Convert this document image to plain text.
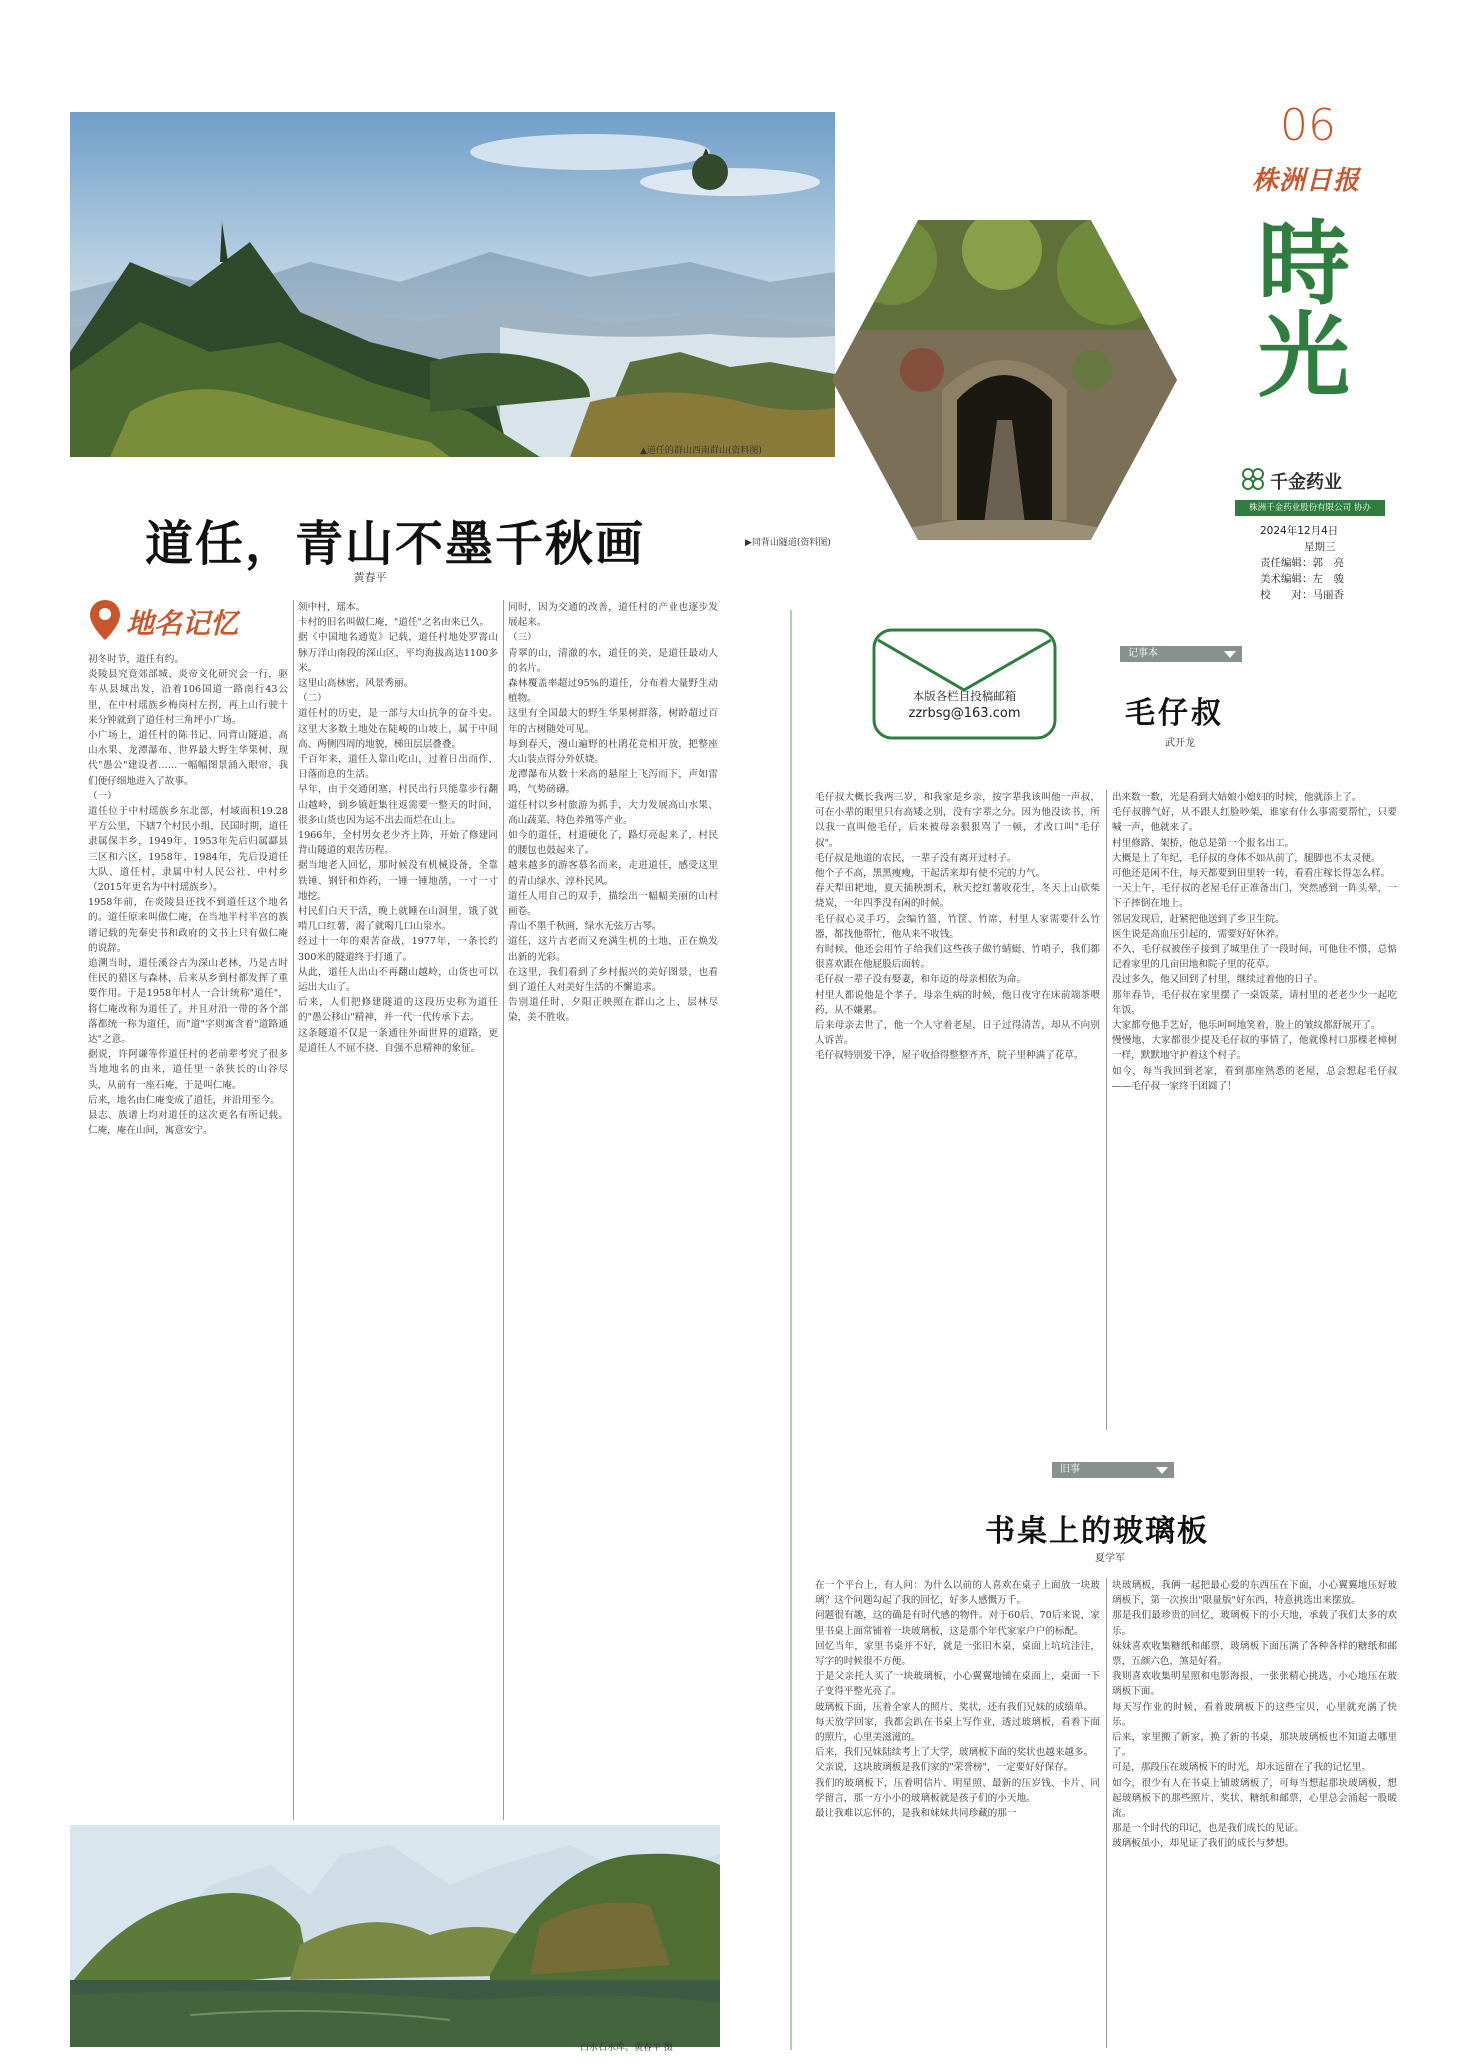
▲道任的群山西南群山(资料图)
▶同背山隧道(资料图)
06
株洲日报
時光
千金药业
株洲千金药业股份有限公司 协办
2024年12月4日
星期三
责任编辑：郭　亮
美术编辑：左　骏
校　　对：马丽香
道任，青山不墨千秋画
黄春平
地名记忆
初冬时节，道任有约。
炎陵县究竟郊部城、炎帝文化研究会一行，驱车从县城出发，沿着106国道一路南行43公里，在中村瑶族乡梅岗村左拐，再上山行驶十来分钟就到了道任村三角坪小广场。
小广场上，道任村的陈书记、同背山隧道、高山水果、龙潭瀑布、世界最大野生华果树、现代"愚公"建设者……一幅幅图景涌入眼帘，我们便仔细地进入了故事。
（一）
道任位于中村瑶族乡东北部，村域面积19.28平方公里，下辖7个村民小组，民国时期，道任隶属保丰乡，1949年、1953年先后归属酃县三区和六区，1958年、1984年，先后设道任大队、道任村，隶属中村人民公社、中村乡（2015年更名为中村瑶族乡）。
1958年前，在炎陵县还找不到道任这个地名的。道任原来叫做仁庵，在当地半村半宫的族谱记载的先秦史书和政府的文书上只有做仁庵的说辞。
追溯当时，道任溪谷古为深山老林，乃是古时住民的猎区与森林，后来从乡到村都发挥了重要作用。于是1958年村人一合计统称"道任"，将仁庵改称为道任了，并且对沿一带的各个部落都统一称为道任，而"道"字则寓含着"道路通达"之意。
据说，许阿谦等作道任村的老前辈考究了很多当地地名的由来，道任里一条狭长的山谷尽头，从前有一座石庵，于是叫仁庵。
后来，地名由仁庵变成了道任，并沿用至今。
县志、族谱上均对道任的这次更名有所记载。仁庵，庵在山间，寓意安宁。
领中村，瑶本。
卡村的旧名叫做仁庵，"道任"之名由来已久。
据《中国地名通览》记载，道任村地处罗霄山脉万洋山南段的深山区，平均海拔高达1100多米。
这里山高林密，风景秀丽。
（二）
道任村的历史，是一部与大山抗争的奋斗史。这里大多数土地处在陡峻的山坡上，属于中间高、两侧四周的地貌，梯田层层叠叠。
千百年来，道任人靠山吃山，过着日出而作、日落而息的生活。
早年，由于交通闭塞，村民出行只能靠步行翻山越岭，到乡镇赶集往返需要一整天的时间，很多山货也因为运不出去而烂在山上。
1966年，全村男女老少齐上阵，开始了修建同背山隧道的艰苦历程。
据当地老人回忆，那时候没有机械设备，全靠铁锤、钢钎和炸药，一锤一锤地凿，一寸一寸地挖。
村民们白天干活，晚上就睡在山洞里，饿了就啃几口红薯，渴了就喝几口山泉水。
经过十一年的艰苦奋战，1977年，一条长约300米的隧道终于打通了。
从此，道任人出山不再翻山越岭，山货也可以运出大山了。
后来，人们把修建隧道的这段历史称为道任的"愚公移山"精神，并一代一代传承下去。
这条隧道不仅是一条通往外面世界的道路，更是道任人不屈不挠、自强不息精神的象征。
同时，因为交通的改善，道任村的产业也逐步发展起来。
（三）
青翠的山，清澈的水，道任的美，是道任最动人的名片。
森林覆盖率超过95%的道任，分布着大量野生动植物。
这里有全国最大的野生华果树群落，树龄超过百年的古树随处可见。
每到春天，漫山遍野的杜鹃花竞相开放，把整座大山装点得分外妖娆。
龙潭瀑布从数十米高的悬崖上飞泻而下，声如雷鸣，气势磅礴。
道任村以乡村旅游为抓手，大力发展高山水果、高山蔬菜、特色养殖等产业。
如今的道任，村道硬化了，路灯亮起来了，村民的腰包也鼓起来了。
越来越多的游客慕名而来，走进道任，感受这里的青山绿水、淳朴民风。
道任人用自己的双手，描绘出一幅幅美丽的山村画卷。
青山不墨千秋画，绿水无弦万古琴。
道任，这片古老而又充满生机的土地，正在焕发出新的光彩。
在这里，我们看到了乡村振兴的美好图景，也看到了道任人对美好生活的不懈追求。
告别道任时，夕阳正映照在群山之上，层林尽染，美不胜收。
白水石水库。黄春平 摄
本版各栏目投稿邮箱
zzrbsg@163.com
记事本
毛仔叔
武开龙
毛仔叔大概长我两三岁，和我家是乡亲，按字辈我该叫他一声叔，可在小辈的眼里只有高矮之别，没有字辈之分。因为他没读书，所以我一直叫他毛仔，后来被母亲狠狠骂了一顿，才改口叫"毛仔叔"。
毛仔叔是地道的农民，一辈子没有离开过村子。
他个子不高，黑黑瘦瘦，干起活来却有使不完的力气。
春天犁田耙地，夏天插秧割禾，秋天挖红薯收花生，冬天上山砍柴烧炭，一年四季没有闲的时候。
毛仔叔心灵手巧，会编竹篮、竹筐、竹席，村里人家需要什么竹器，都找他帮忙，他从来不收钱。
有时候，他还会用竹子给我们这些孩子做竹蜻蜓、竹哨子，我们都很喜欢跟在他屁股后面转。
毛仔叔一辈子没有娶妻，和年迈的母亲相依为命。
村里人都说他是个孝子，母亲生病的时候，他日夜守在床前端茶喂药，从不嫌累。
后来母亲去世了，他一个人守着老屋，日子过得清苦，却从不向别人诉苦。
毛仔叔特别爱干净，屋子收拾得整整齐齐，院子里种满了花草。
出来数一数，光是看到大姑娘小媳妇的时候，他就添上了。
毛仔叔脾气好，从不跟人红脸吵架，谁家有什么事需要帮忙，只要喊一声，他就来了。
村里修路、架桥，他总是第一个报名出工。
大概是上了年纪，毛仔叔的身体不如从前了，腿脚也不太灵便。
可他还是闲不住，每天都要到田里转一转，看看庄稼长得怎么样。
一天上午，毛仔叔的老屋毛仔正准备出门，突然感到一阵头晕，一下子摔倒在地上。
邻居发现后，赶紧把他送到了乡卫生院。
医生说是高血压引起的，需要好好休养。
不久，毛仔叔被侄子接到了城里住了一段时间，可他住不惯，总惦记着家里的几亩田地和院子里的花草。
没过多久，他又回到了村里，继续过着他的日子。
那年春节，毛仔叔在家里摆了一桌饭菜，请村里的老老少少一起吃年饭。
大家都夸他手艺好，他乐呵呵地笑着，脸上的皱纹都舒展开了。
慢慢地，大家都很少提及毛仔叔的事情了，他就像村口那棵老樟树一样，默默地守护着这个村子。
如今，每当我回到老家，看到那座熟悉的老屋，总会想起毛仔叔——毛仔叔一家终于团圆了！
旧事
书桌上的玻璃板
夏学军
在一个平台上，有人问：为什么以前的人喜欢在桌子上面放一块玻璃？这个问题勾起了我的回忆，好多人感慨万千。
问题很有趣，这的确是有时代感的物件。对于60后、70后来说，家里书桌上面常铺着一块玻璃板，这是那个年代家家户户的标配。
回忆当年，家里书桌并不好，就是一张旧木桌，桌面上坑坑洼洼，写字的时候很不方便。
于是父亲托人买了一块玻璃板，小心翼翼地铺在桌面上，桌面一下子变得平整光亮了。
玻璃板下面，压着全家人的照片、奖状，还有我们兄妹的成绩单。
每天放学回家，我都会趴在书桌上写作业，透过玻璃板，看着下面的照片，心里美滋滋的。
后来，我们兄妹陆续考上了大学，玻璃板下面的奖状也越来越多。
父亲说，这块玻璃板是我们家的"荣誉榜"，一定要好好保存。
我们的玻璃板下，压着明信片、明星照、最新的压岁钱、卡片、同学留言，那一方小小的玻璃板就是孩子们的小天地。
最让我难以忘怀的，是我和妹妹共同珍藏的那一
块玻璃板，我俩一起把最心爱的东西压在下面，小心翼翼地压好玻璃板下，第一次挨出"限量版"好东西，特意挑选出来摆放。
那是我们最珍贵的回忆，玻璃板下的小天地，承载了我们太多的欢乐。
妹妹喜欢收集糖纸和邮票，玻璃板下面压满了各种各样的糖纸和邮票，五颜六色，煞是好看。
我则喜欢收集明星照和电影海报，一张张精心挑选，小心地压在玻璃板下面。
每天写作业的时候，看着玻璃板下的这些宝贝，心里就充满了快乐。
后来，家里搬了新家，换了新的书桌，那块玻璃板也不知道去哪里了。
可是，那段压在玻璃板下的时光，却永远留在了我的记忆里。
如今，很少有人在书桌上铺玻璃板了，可每当想起那块玻璃板，想起玻璃板下的那些照片、奖状、糖纸和邮票，心里总会涌起一股暖流。
那是一个时代的印记，也是我们成长的见证。
玻璃板虽小，却见证了我们的成长与梦想。
